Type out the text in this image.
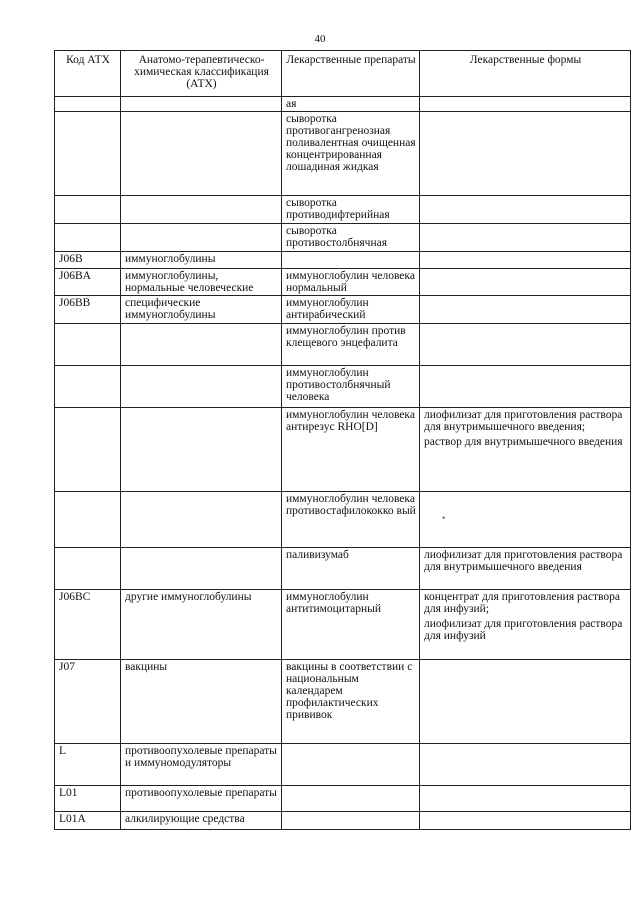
40
Код АТХ	Анатомо-терапевтическо-химическая классификация (АТХ)	Лекарственные препараты	Лекарственные формы

		ая	

		сыворотка противогангренозная поливалентная очищенная концентрированная лошадиная жидкая	

		сыворотка противодифтерийная	

		сыворотка противостолбнячная	

J06B	иммуноглобулины	

J06BA	иммуноглобулины, нормальные человеческие	иммуноглобулин человека нормальный	

J06BB	специфические иммуноглобулины	иммуноглобулин антирабический	

		иммуноглобулин против клещевого энцефалита	

		иммуноглобулин противостолбнячный человека	

		иммуноглобулин человека антирезус RHO[D]	лиофилизат для приготовления раствора для внутримышечного введения;
раствор для внутримышечного введения

		иммуноглобулин человека противостафилококко вый	

		паливизумаб	лиофилизат для приготовления раствора для внутримышечного введения

J06BC	другие иммуноглобулины	иммуноглобулин антитимоцитарный	концентрат для приготовления раствора для инфузий;
лиофилизат для приготовления раствора для инфузий

J07	вакцины	вакцины в соответствии с национальным календарем профилактических прививок	

L	противоопухолевые препараты и иммуномодуляторы	

L01	противоопухолевые препараты	

L01A	алкилирующие средства	

•
